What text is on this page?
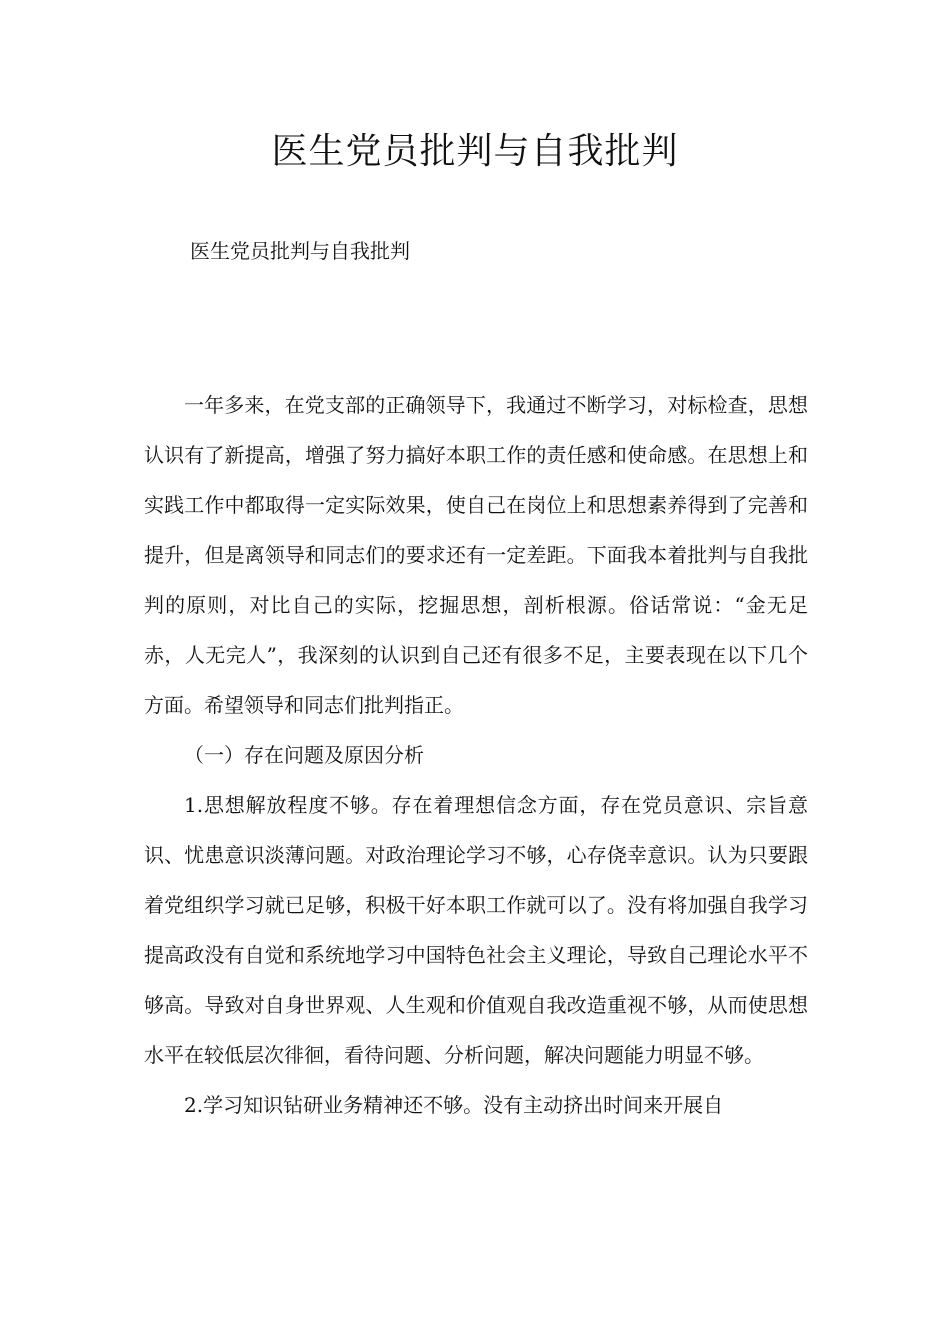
医生党员批判与自我批判

医生党员批判与自我批判

一年多来，在党支部的正确领导下，我通过不断学习，对标检查，思想认识有了新提高，增强了努力搞好本职工作的责任感和使命感。在思想上和实践工作中都取得一定实际效果，使自己在岗位上和思想素养得到了完善和提升，但是离领导和同志们的要求还有一定差距。下面我本着批判与自我批判的原则，对比自己的实际，挖掘思想，剖析根源。俗话常说：“金无足赤，人无完人”，我深刻的认识到自己还有很多不足，主要表现在以下几个方面。希望领导和同志们批判指正。

（一）存在问题及原因分析

1.思想解放程度不够。存在着理想信念方面，存在党员意识、宗旨意识、忧患意识淡薄问题。对政治理论学习不够，心存侥幸意识。认为只要跟着党组织学习就已足够，积极干好本职工作就可以了。没有将加强自我学习提高政没有自觉和系统地学习中国特色社会主义理论，导致自己理论水平不够高。导致对自身世界观、人生观和价值观自我改造重视不够，从而使思想水平在较低层次徘徊，看待问题、分析问题，解决问题能力明显不够。

2.学习知识钻研业务精神还不够。没有主动挤出时间来开展自
